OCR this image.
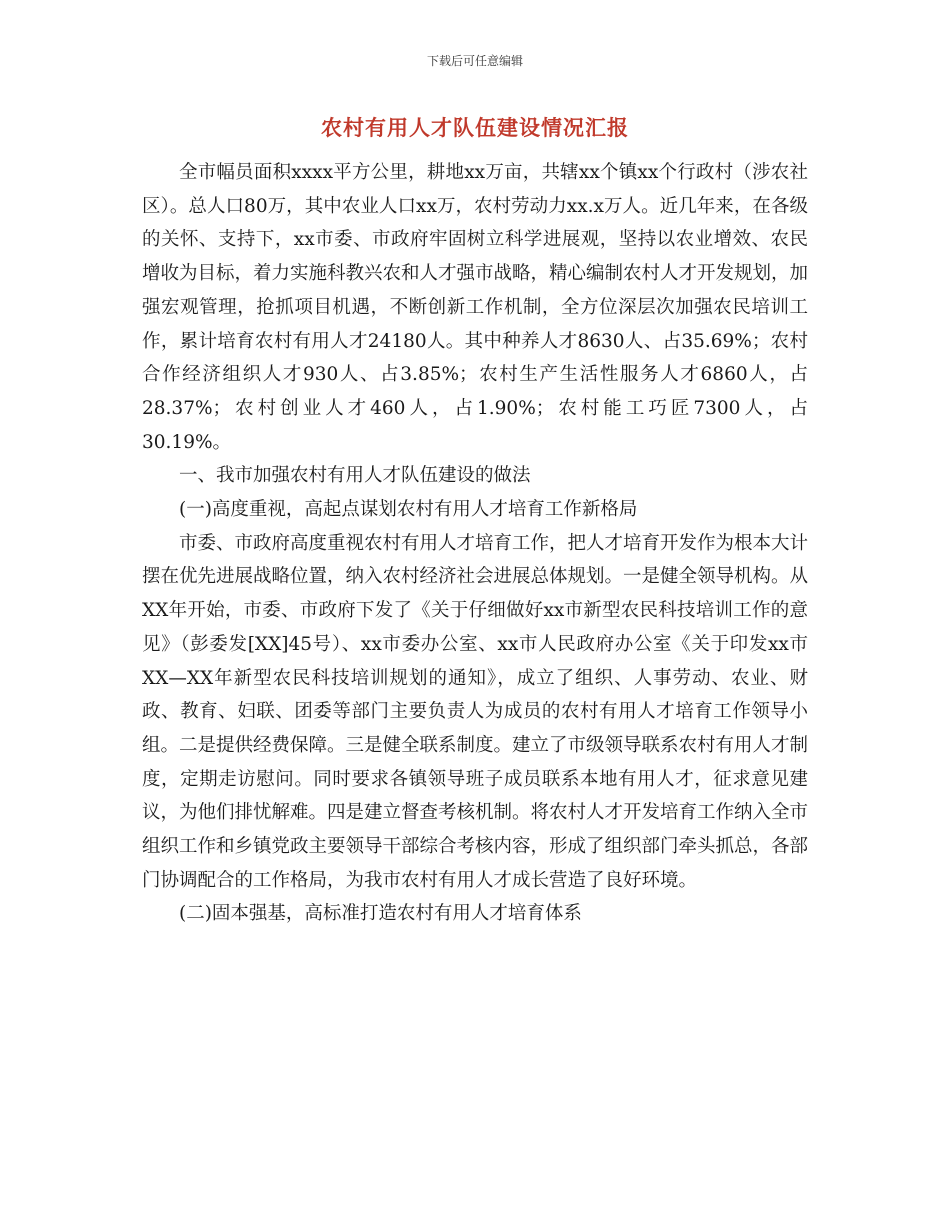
下载后可任意编辑
农村有用人才队伍建设情况汇报

全市幅员面积xxxx平方公里，耕地xx万亩，共辖xx个镇xx个行政村（涉农社区）。总人口80万，其中农业人口xx万，农村劳动力xx.x万人。近几年来，在各级的关怀、支持下，xx市委、市政府牢固树立科学进展观，坚持以农业增效、农民增收为目标，着力实施科教兴农和人才强市战略，精心编制农村人才开发规划，加强宏观管理，抢抓项目机遇，不断创新工作机制，全方位深层次加强农民培训工作，累计培育农村有用人才24180人。其中种养人才8630人、占35.69%；农村合作经济组织人才930人、占3.85%；农村生产生活性服务人才6860人，占28.37%；农村创业人才460人，占1.90%；农村能工巧匠7300人，占30.19%。

一、我市加强农村有用人才队伍建设的做法

(一)高度重视，高起点谋划农村有用人才培育工作新格局

市委、市政府高度重视农村有用人才培育工作，把人才培育开发作为根本大计摆在优先进展战略位置，纳入农村经济社会进展总体规划。一是健全领导机构。从XX年开始，市委、市政府下发了《关于仔细做好xx市新型农民科技培训工作的意见》（彭委发[XX]45号）、xx市委办公室、xx市人民政府办公室《关于印发xx市XX—XX年新型农民科技培训规划的通知》，成立了组织、人事劳动、农业、财政、教育、妇联、团委等部门主要负责人为成员的农村有用人才培育工作领导小组。二是提供经费保障。三是健全联系制度。建立了市级领导联系农村有用人才制度，定期走访慰问。同时要求各镇领导班子成员联系本地有用人才，征求意见建议，为他们排忧解难。四是建立督查考核机制。将农村人才开发培育工作纳入全市组织工作和乡镇党政主要领导干部综合考核内容，形成了组织部门牵头抓总，各部门协调配合的工作格局，为我市农村有用人才成长营造了良好环境。

(二)固本强基，高标准打造农村有用人才培育体系
